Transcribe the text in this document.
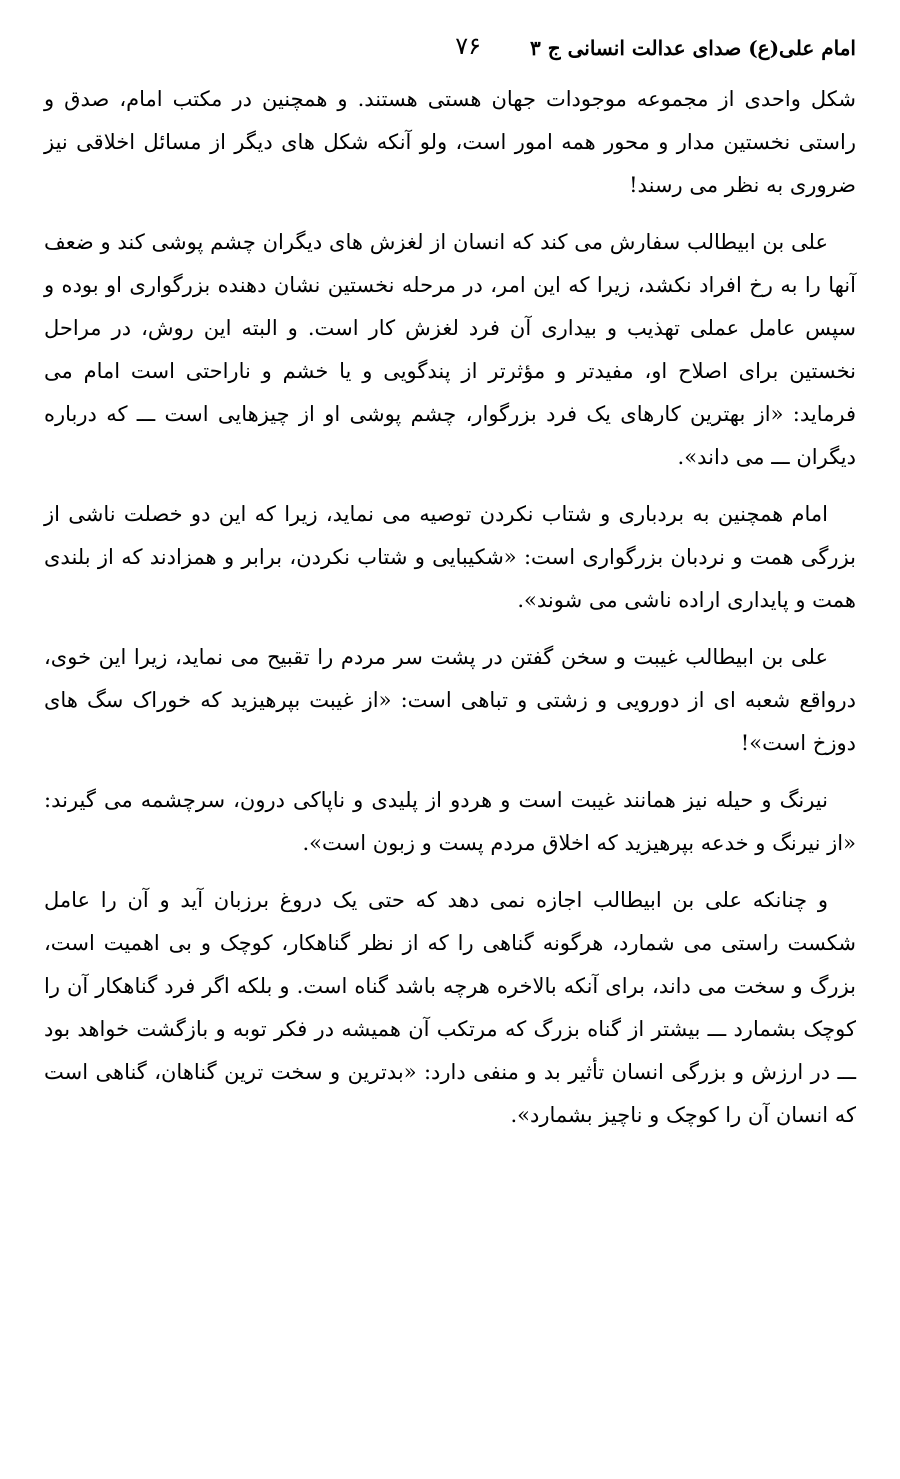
امام علی(ع) صدای عدالت انسانی ج ۳
۷۶

شکل واحدی از مجموعه موجودات جهان هستی هستند. و همچنین در مکتب امام، صدق و راستی نخستین مدار و محور همه امور است، ولو آنکه شکل های دیگر از مسائل اخلاقی نیز ضروری به نظر می رسند!

علی بن ابیطالب سفارش می کند که انسان از لغزش های دیگران چشم پوشی کند و ضعف آنها را به رخ افراد نکشد، زیرا که این امر، در مرحله نخستین نشان دهنده بزرگواری او بوده و سپس عامل عملی تهذیب و بیداری آن فرد لغزش کار است. و البته این روش، در مراحل نخستین برای اصلاح او، مفیدتر و مؤثرتر از پندگویی و یا خشم و ناراحتی است امام می فرماید: «از بهترین کارهای یک فرد بزرگوار، چشم پوشی او از چیزهایی است ـــ که درباره دیگران ـــ می داند».

امام همچنین به بردباری و شتاب نکردن توصیه می نماید، زیرا که این دو خصلت ناشی از بزرگی همت و نردبان بزرگواری است: «شکیبایی و شتاب نکردن، برابر و همزادند که از بلندی همت و پایداری اراده ناشی می شوند».

علی بن ابیطالب غیبت و سخن گفتن در پشت سر مردم را تقبیح می نماید، زیرا این خوی، درواقع شعبه ای از دورویی و زشتی و تباهی است: «از غیبت بپرهیزید که خوراک سگ های دوزخ است»!

نیرنگ و حیله نیز همانند غیبت است و هردو از پلیدی و ناپاکی درون، سرچشمه می گیرند: «از نیرنگ و خدعه بپرهیزید که اخلاق مردم پست و زبون است».

و چنانکه علی بن ابیطالب اجازه نمی دهد که حتی یک دروغ برزبان آید و آن را عامل شکست راستی می شمارد، هرگونه گناهی را که از نظر گناهکار، کوچک و بی اهمیت است، بزرگ و سخت می داند، برای آنکه بالاخره هرچه باشد گناه است. و بلکه اگر فرد گناهکار آن را کوچک بشمارد ـــ بیشتر از گناه بزرگ که مرتکب آن همیشه در فکر توبه و بازگشت خواهد بود ـــ در ارزش و بزرگی انسان تأثیر بد و منفی دارد: «بدترین و سخت ترین گناهان، گناهی است که انسان آن را کوچک و ناچیز بشمارد».
